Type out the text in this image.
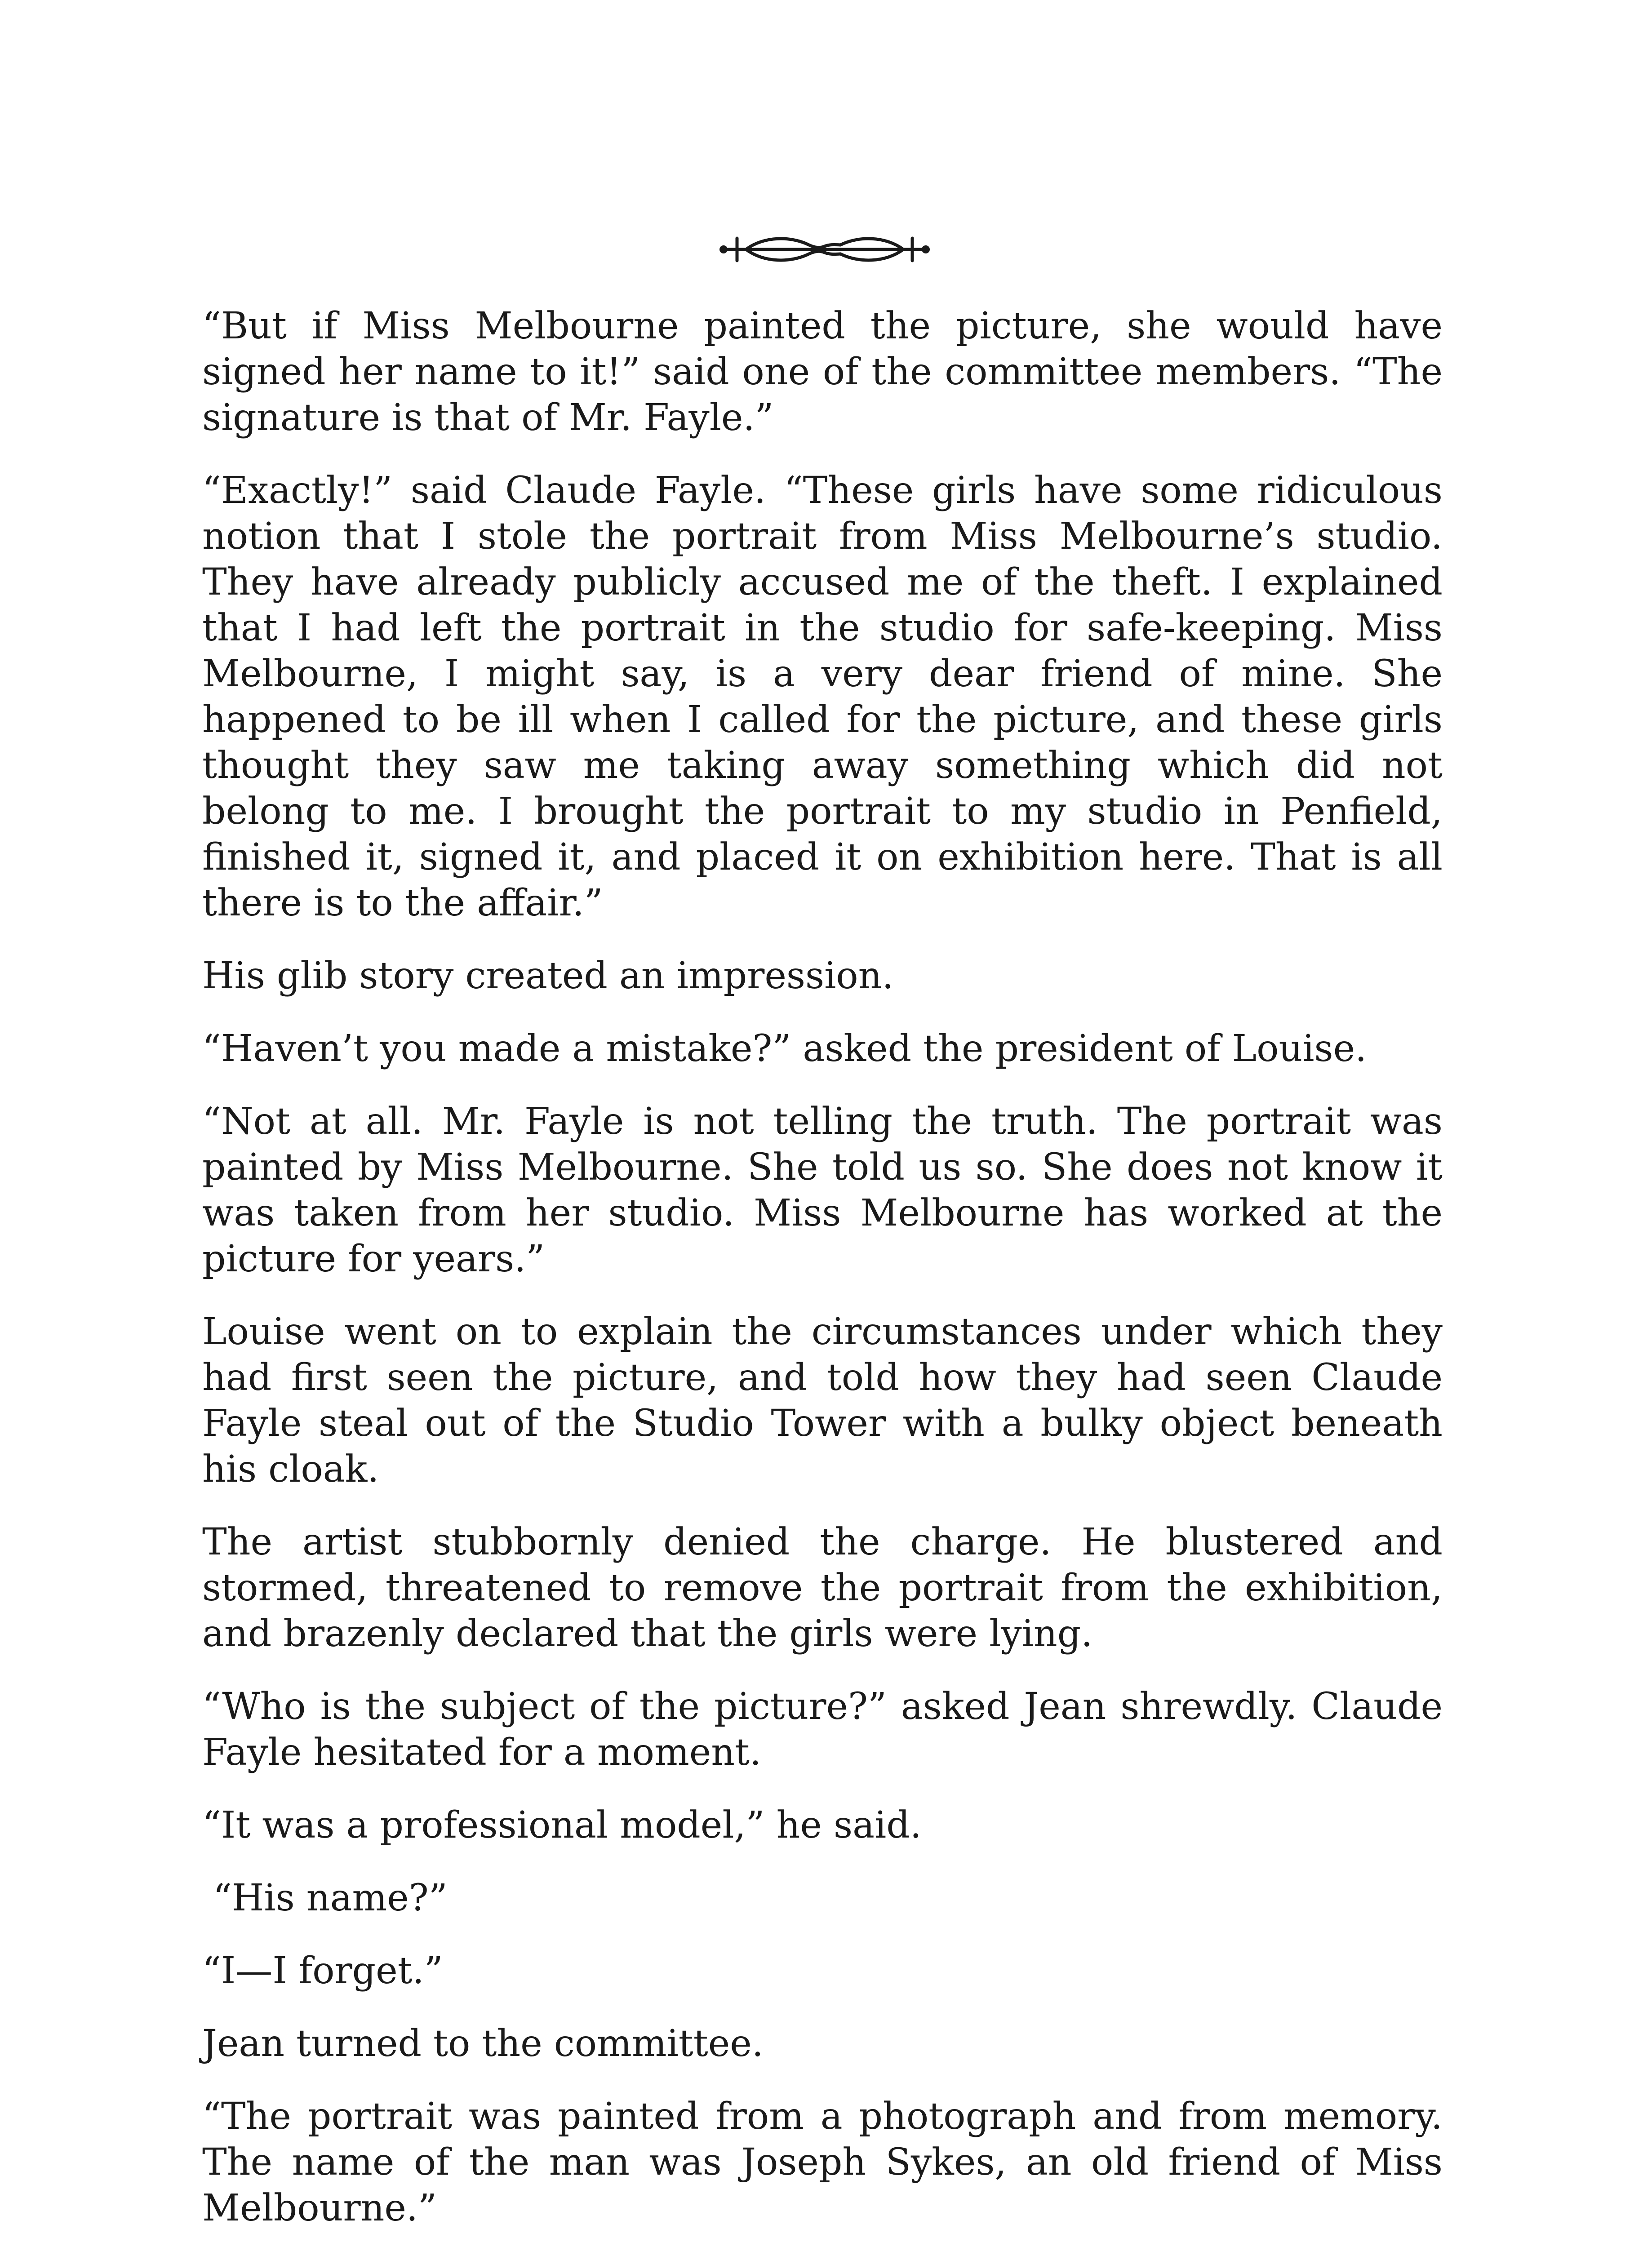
“But if Miss Melbourne painted the picture, she would have signed her name to it!” said one of the committee members. “The signature is that of Mr. Fayle.”

“Exactly!” said Claude Fayle. “These girls have some ridiculous notion that I stole the portrait from Miss Melbourne’s studio. They have already publicly accused me of the theft. I explained that I had left the portrait in the studio for safe-keeping. Miss Melbourne, I might say, is a very dear friend of mine. She happened to be ill when I called for the picture, and these girls thought they saw me taking away something which did not belong to me. I brought the portrait to my studio in Penfield, finished it, signed it, and placed it on exhibition here. That is all there is to the affair.”

His glib story created an impression.

“Haven’t you made a mistake?” asked the president of Louise.

“Not at all. Mr. Fayle is not telling the truth. The portrait was painted by Miss Melbourne. She told us so. She does not know it was taken from her studio. Miss Melbourne has worked at the picture for years.”

Louise went on to explain the circumstances under which they had first seen the picture, and told how they had seen Claude Fayle steal out of the Studio Tower with a bulky object beneath his cloak.

The artist stubbornly denied the charge. He blustered and stormed, threatened to remove the portrait from the exhibition, and brazenly declared that the girls were lying.

“Who is the subject of the picture?” asked Jean shrewdly. Claude Fayle hesitated for a moment.

“It was a professional model,” he said.

“His name?”

“I—I forget.”

Jean turned to the committee.

“The portrait was painted from a photograph and from memory. The name of the man was Joseph Sykes, an old friend of Miss Melbourne.”
